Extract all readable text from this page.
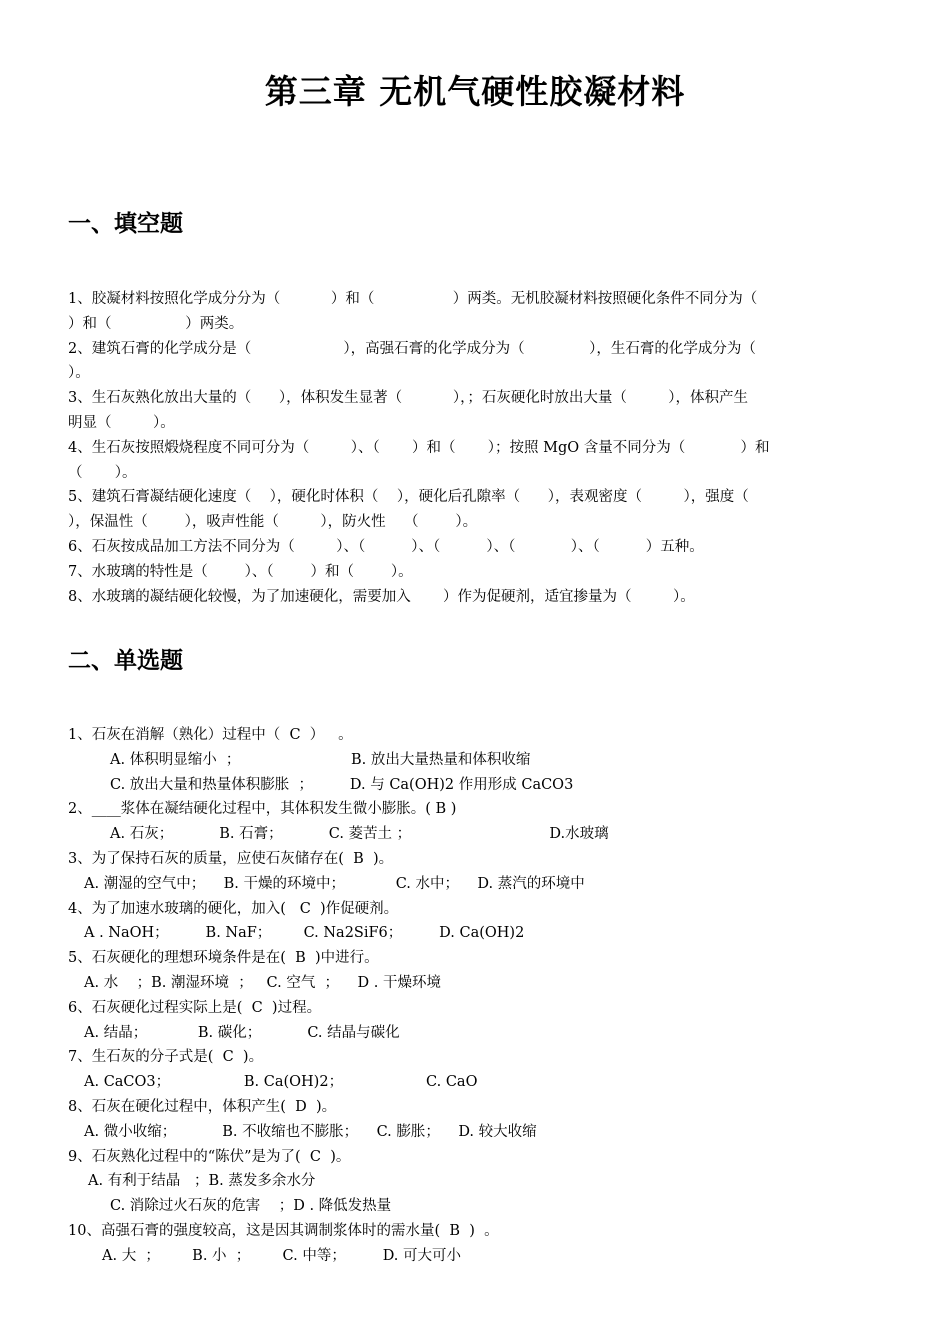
第三章 无机气硬性胶凝材料
一、填空题
1、胶凝材料按照化学成分分为（           ）和（                 ）两类。无机胶凝材料按照硬化条件不同分为（
）和（                ）两类。
2、建筑石膏的化学成分是（                    ），高强石膏的化学成分为（              ），生石膏的化学成分为（
）。
3、生石灰熟化放出大量的（      ），体积发生显著（           ），；石灰硬化时放出大量（         ），体积产生
明显（         ）。
4、生石灰按照煅烧程度不同可分为（         ）、（       ）和（       ）；按照 MgO 含量不同分为（            ）和
（       ）。
5、建筑石膏凝结硬化速度（    ），硬化时体积（    ），硬化后孔隙率（      ），表观密度（         ），强度（
），保温性（        ），吸声性能（         ），防火性    （        ）。
6、石灰按成品加工方法不同分为（         ）、（          ）、（          ）、（            ）、（          ）五种。
7、水玻璃的特性是（        ）、（        ）和（        ）。
8、水玻璃的凝结硬化较慢，为了加速硬化，需要加入       ）作为促硬剂，适宜掺量为（         ）。
二、单选题
1、石灰在消解（熟化）过程中（  C  ）   。
A. 体积明显缩小  ；                        B. 放出大量热量和体积收缩
C. 放出大量和热量体积膨胀  ；        D. 与 Ca(OH)2 作用形成 CaCO3
2、____浆体在凝结硬化过程中，其体积发生微小膨胀。( B )
A. 石灰；          B. 石膏；          C. 菱苦土 ；                              D.水玻璃
3、为了保持石灰的质量，应使石灰储存在(  B  )。
A. 潮湿的空气中；    B. 干燥的环境中；           C. 水中；    D. 蒸汽的环境中
4、为了加速水玻璃的硬化，加入(   C  )作促硬剂。
A . NaOH；        B. NaF；       C. Na2SiF6；        D. Ca(OH)2
5、石灰硬化的理想环境条件是在(  B  )中进行。
A. 水    ；B. 潮湿环境  ；   C. 空气  ；    D . 干燥环境
6、石灰硬化过程实际上是(  C  )过程。
A. 结晶；           B. 碳化；          C. 结晶与碳化
7、生石灰的分子式是(  C  )。
A. CaCO3；                B. Ca(OH)2；                  C. CaO
8、石灰在硬化过程中，体积产生(  D  )。
A. 微小收缩；          B. 不收缩也不膨胀；    C. 膨胀；    D. 较大收缩
9、石灰熟化过程中的“陈伏”是为了(  C  )。
A. 有利于结晶   ；B. 蒸发多余水分
C. 消除过火石灰的危害    ；D . 降低发热量
10、高强石膏的强度较高，这是因其调制浆体时的需水量(  B  )  。
A. 大  ；       B. 小  ；       C. 中等；        D. 可大可小
